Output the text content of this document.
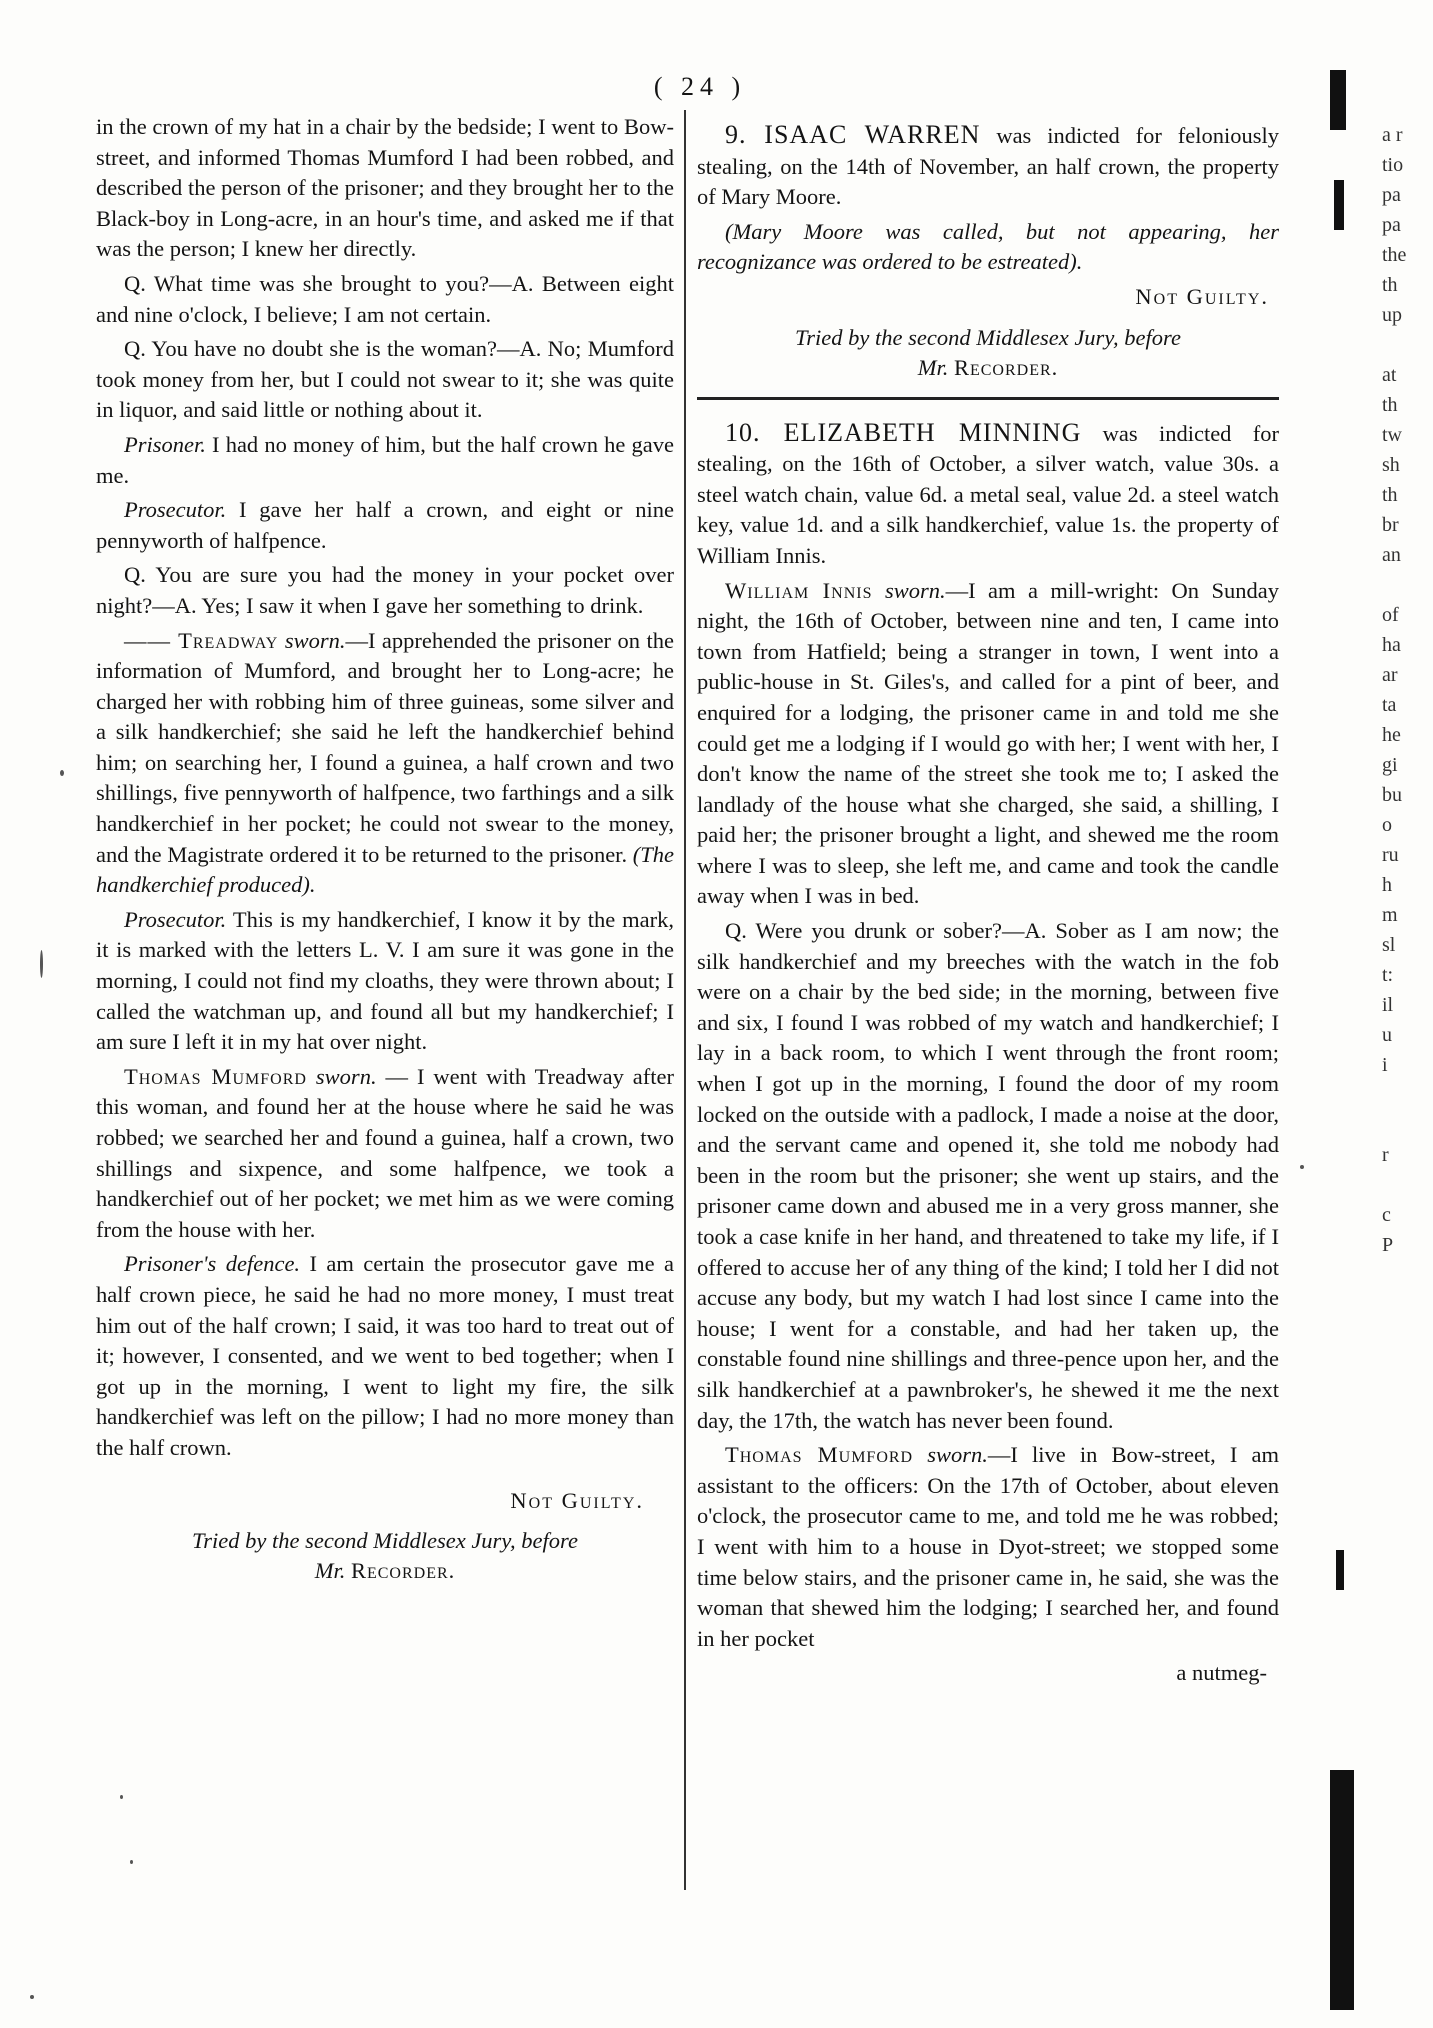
( 24 )

in the crown of my hat in a chair by the bedside; I went to Bow-street, and informed Thomas Mumford I had been robbed, and described the person of the prisoner; and they brought her to the Black-boy in Long-acre, in an hour's time, and asked me if that was the person; I knew her directly.

Q. What time was she brought to you?—A. Between eight and nine o'clock, I believe; I am not certain.

Q. You have no doubt she is the woman?—A. No; Mumford took money from her, but I could not swear to it; she was quite in liquor, and said little or nothing about it.

Prisoner. I had no money of him, but the half crown he gave me.

Prosecutor. I gave her half a crown, and eight or nine pennyworth of halfpence.

Q. You are sure you had the money in your pocket over night?—A. Yes; I saw it when I gave her something to drink.

—— Treadway sworn.—I apprehended the prisoner on the information of Mumford, and brought her to Long-acre; he charged her with robbing him of three guineas, some silver and a silk handkerchief; she said he left the handkerchief behind him; on searching her, I found a guinea, a half crown and two shillings, five pennyworth of halfpence, two farthings and a silk handkerchief in her pocket; he could not swear to the money, and the Magistrate ordered it to be returned to the prisoner. (The handkerchief produced).

Prosecutor. This is my handkerchief, I know it by the mark, it is marked with the letters L. V. I am sure it was gone in the morning, I could not find my cloaths, they were thrown about; I called the watchman up, and found all but my handkerchief; I am sure I left it in my hat over night.

Thomas Mumford sworn. — I went with Treadway after this woman, and found her at the house where he said he was robbed; we searched her and found a guinea, half a crown, two shillings and sixpence, and some halfpence, we took a handkerchief out of her pocket; we met him as we were coming from the house with her.

Prisoner's defence. I am certain the prosecutor gave me a half crown piece, he said he had no more money, I must treat him out of the half crown; I said, it was too hard to treat out of it; however, I consented, and we went to bed together; when I got up in the morning, I went to light my fire, the silk handkerchief was left on the pillow; I had no more money than the half crown.

Not Guilty.
Tried by the second Middlesex Jury, before
Mr. Recorder.

9. ISAAC WARREN was indicted for feloniously stealing, on the 14th of November, an half crown, the property of Mary Moore.

(Mary Moore was called, but not appearing, her recognizance was ordered to be estreated).

Not Guilty.
Tried by the second Middlesex Jury, before
Mr. Recorder.

10. ELIZABETH MINNING was indicted for stealing, on the 16th of October, a silver watch, value 30s. a steel watch chain, value 6d. a metal seal, value 2d. a steel watch key, value 1d. and a silk handkerchief, value 1s. the property of William Innis.

William Innis sworn.—I am a mill-wright: On Sunday night, the 16th of October, between nine and ten, I came into town from Hatfield; being a stranger in town, I went into a public-house in St. Giles's, and called for a pint of beer, and enquired for a lodging, the prisoner came in and told me she could get me a lodging if I would go with her; I went with her, I don't know the name of the street she took me to; I asked the landlady of the house what she charged, she said, a shilling, I paid her; the prisoner brought a light, and shewed me the room where I was to sleep, she left me, and came and took the candle away when I was in bed.

Q. Were you drunk or sober?—A. Sober as I am now; the silk handkerchief and my breeches with the watch in the fob were on a chair by the bed side; in the morning, between five and six, I found I was robbed of my watch and handkerchief; I lay in a back room, to which I went through the front room; when I got up in the morning, I found the door of my room locked on the outside with a padlock, I made a noise at the door, and the servant came and opened it, she told me nobody had been in the room but the prisoner; she went up stairs, and the prisoner came down and abused me in a very gross manner, she took a case knife in her hand, and threatened to take my life, if I offered to accuse her of any thing of the kind; I told her I did not accuse any body, but my watch I had lost since I came into the house; I went for a constable, and had her taken up, the constable found nine shillings and three-pence upon her, and the silk handkerchief at a pawnbroker's, he shewed it me the next day, the 17th, the watch has never been found.

Thomas Mumford sworn.—I live in Bow-street, I am assistant to the officers: On the 17th of October, about eleven o'clock, the prosecutor came to me, and told me he was robbed; I went with him to a house in Dyot-street; we stopped some time below stairs, and the prisoner came in, he said, she was the woman that shewed him the lodging; I searched her, and found in her pocket

a nutmeg-
a r
tio
pa
pa
the
th
up
at
th
tw
sh
th
br
an
of
ha
ar
ta
he
gi
bu
o
ru
h
m
sl
t:
il
u
i
r
c
P
